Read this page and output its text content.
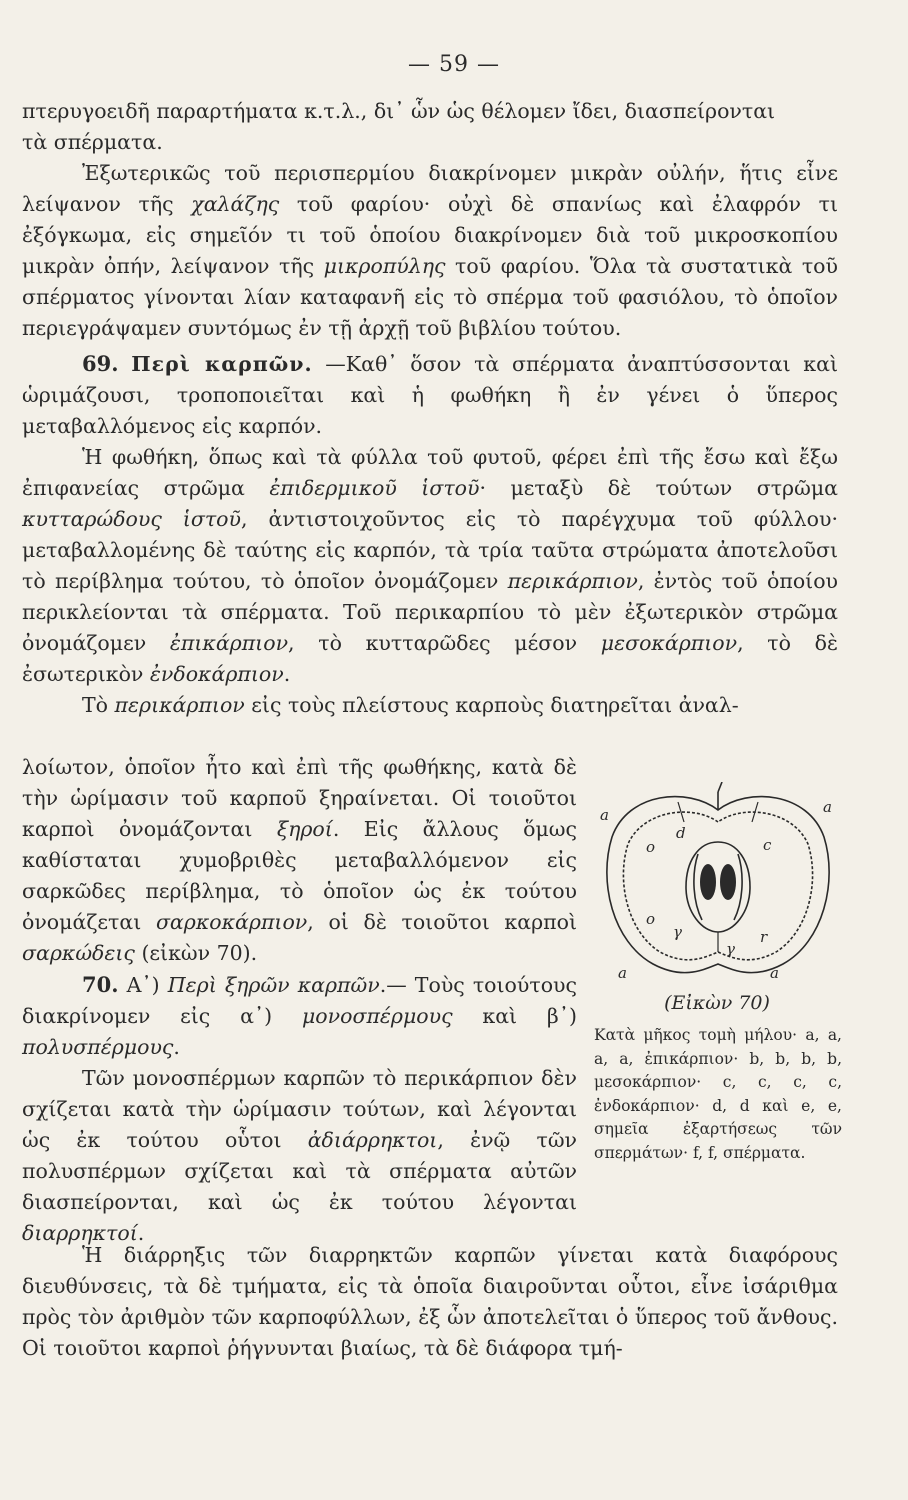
— 59 —

πτερυγοειδῆ παραρτήματα κ.τ.λ., δι᾽ ὧν ὡς θέλομεν ἴδει, διασπείρονται
τὰ σπέρματα.

Ἐξωτερικῶς τοῦ περισπερμίου διακρίνομεν μικρὰν οὐλήν, ἥτις εἶνε λείψανον τῆς χαλάζης τοῦ φαρίου· οὐχὶ δὲ σπανίως καὶ ἐλαφρόν τι ἐξόγκωμα, εἰς σημεῖόν τι τοῦ ὁποίου διακρίνομεν διὰ τοῦ μικροσκοπίου μικρὰν ὀπήν, λείψανον τῆς μικροπύλης τοῦ φαρίου. Ὅλα τὰ συστατικὰ τοῦ σπέρματος γίνονται λίαν καταφανῆ εἰς τὸ σπέρμα τοῦ φασιόλου, τὸ ὁποῖον περιεγράψαμεν συντόμως ἐν τῇ ἀρχῇ τοῦ βιβλίου τούτου.

69. Περὶ καρπῶν. —Καθ᾽ ὅσον τὰ σπέρματα ἀναπτύσσονται καὶ ὡριμάζουσι, τροποποιεῖται καὶ ἡ φωθήκη ἢ ἐν γένει ὁ ὕπερος μεταβαλλόμενος εἰς καρπόν.

Ἡ φωθήκη, ὅπως καὶ τὰ φύλλα τοῦ φυτοῦ, φέρει ἐπὶ τῆς ἔσω καὶ ἔξω ἐπιφανείας στρῶμα ἐπιδερμικοῦ ἱστοῦ· μεταξὺ δὲ τούτων στρῶμα κυτταρώδους ἱστοῦ, ἀντιστοιχοῦντος εἰς τὸ παρέγχυμα τοῦ φύλλου· μεταβαλλομένης δὲ ταύτης εἰς καρπόν, τὰ τρία ταῦτα στρώματα ἀποτελοῦσι τὸ περίβλημα τούτου, τὸ ὁποῖον ὀνομάζομεν περικάρπιον, ἐντὸς τοῦ ὁποίου περικλείονται τὰ σπέρματα. Τοῦ περικαρπίου τὸ μὲν ἐξωτερικὸν στρῶμα ὀνομάζομεν ἐπικάρπιον, τὸ κυτταρῶδες μέσον μεσοκάρπιον, τὸ δὲ ἐσωτερικὸν ἐνδοκάρπιον.

Τὸ περικάρπιον εἰς τοὺς πλείστους καρποὺς διατηρεῖται ἀναλ-

λοίωτον, ὁποῖον ἦτο καὶ ἐπὶ τῆς φωθήκης, κατὰ δὲ τὴν ὡρίμασιν τοῦ καρποῦ ξηραίνεται. Οἱ τοιοῦτοι καρποὶ ὀνομάζονται ξηροί. Εἰς ἄλλους ὅμως καθίσταται χυμοβριθὲς μεταβαλλόμενον εἰς σαρκῶδες περίβλημα, τὸ ὁποῖον ὡς ἐκ τούτου ὀνομάζεται σαρκοκάρπιον, οἱ δὲ τοιοῦτοι καρποὶ σαρκώδεις (εἰκὼν 70).

70. Α᾽) Περὶ ξηρῶν καρπῶν.— Τοὺς τοιούτους διακρίνομεν εἰς α᾽) μονοσπέρμους καὶ β᾽) πολυσπέρμους.

Τῶν μονοσπέρμων καρπῶν τὸ περικάρπιον δὲν σχίζεται κατὰ τὴν ὡρίμασιν τούτων, καὶ λέγονται ὡς ἐκ τούτου οὗτοι ἀδιάρρηκτοι, ἐνῷ τῶν πολυσπέρμων σχίζεται καὶ τὰ σπέρματα αὐτῶν διασπείρονται, καὶ ὡς ἐκ τούτου λέγονται διαρρηκτοί.

a	a
a	a
d
c
o
o
γ
γ
r
(Εἰκὼν 70)
Κατὰ μῆκος τομὴ μήλου· a, a, a, a, ἐπικάρπιον· b, b, b, b, μεσοκάρπιον· c, c, c, c, ἐνδοκάρπιον· d, d καὶ e, e, σημεῖα ἐξαρτήσεως τῶν σπερμάτων· f, f, σπέρματα.

Ἡ διάρρηξις τῶν διαρρηκτῶν καρπῶν γίνεται κατὰ διαφόρους διευθύνσεις, τὰ δὲ τμήματα, εἰς τὰ ὁποῖα διαιροῦνται οὗτοι, εἶνε ἰσάριθμα πρὸς τὸν ἀριθμὸν τῶν καρποφύλλων, ἐξ ὧν ἀποτελεῖται ὁ ὕπερος τοῦ ἄνθους. Οἱ τοιοῦτοι καρποὶ ῥήγνυνται βιαίως, τὰ δὲ διάφορα τμή-
